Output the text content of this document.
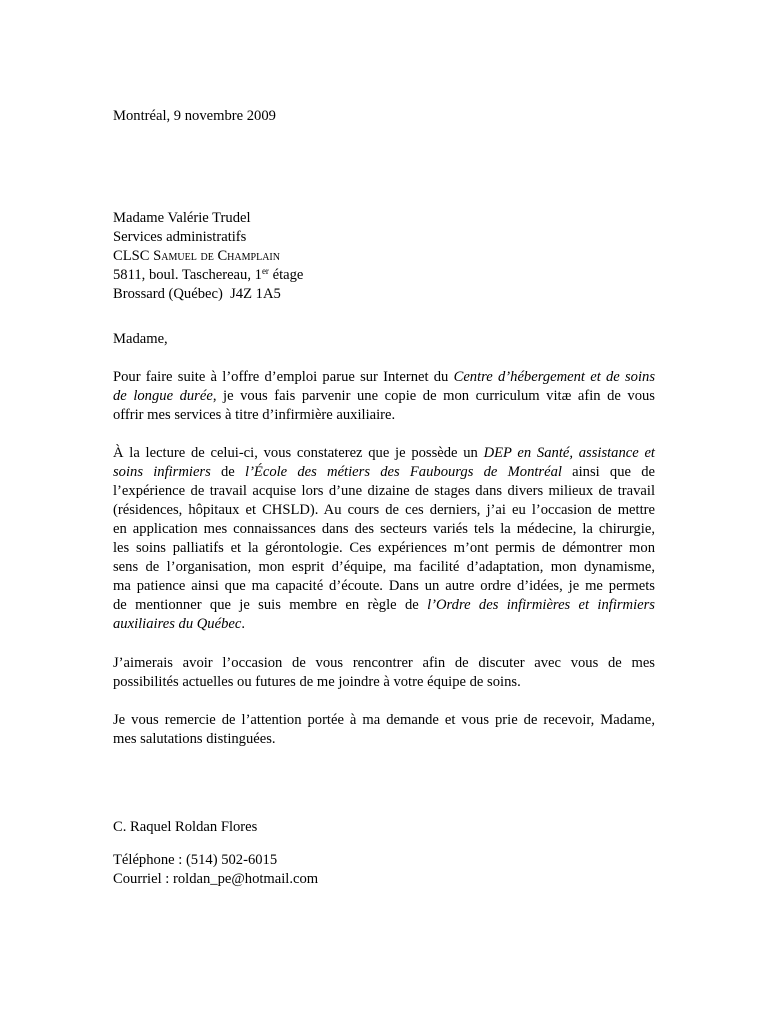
Montréal, 9 novembre 2009
Madame Valérie Trudel
Services administratifs
CLSC Samuel de Champlain
5811, boul. Taschereau, 1er étage
Brossard (Québec)  J4Z 1A5
Madame,
Pour faire suite à l’offre d’emploi parue sur Internet du Centre d’hébergement et de soins
de longue durée, je vous fais parvenir une copie de mon curriculum vitæ afin de vous
offrir mes services à titre d’infirmière auxiliaire.
À la lecture de celui-ci, vous constaterez que je possède un DEP en Santé, assistance et
soins infirmiers de l’École des métiers des Faubourgs de Montréal ainsi que de
l’expérience de travail acquise lors d’une dizaine de stages dans divers milieux de travail
(résidences, hôpitaux et CHSLD). Au cours de ces derniers, j’ai eu l’occasion de mettre
en application mes connaissances dans des secteurs variés tels la médecine, la chirurgie,
les soins palliatifs et la gérontologie. Ces expériences m’ont permis de démontrer mon
sens de l’organisation, mon esprit d’équipe, ma facilité d’adaptation, mon dynamisme,
ma patience ainsi que ma capacité d’écoute. Dans un autre ordre d’idées, je me permets
de mentionner que je suis membre en règle de l’Ordre des infirmières et infirmiers
auxiliaires du Québec.
J’aimerais avoir l’occasion de vous rencontrer afin de discuter avec vous de mes
possibilités actuelles ou futures de me joindre à votre équipe de soins.
Je vous remercie de l’attention portée à ma demande et vous prie de recevoir, Madame,
mes salutations distinguées.
C. Raquel Roldan Flores
Téléphone : (514) 502-6015
Courriel : roldan_pe@hotmail.com
